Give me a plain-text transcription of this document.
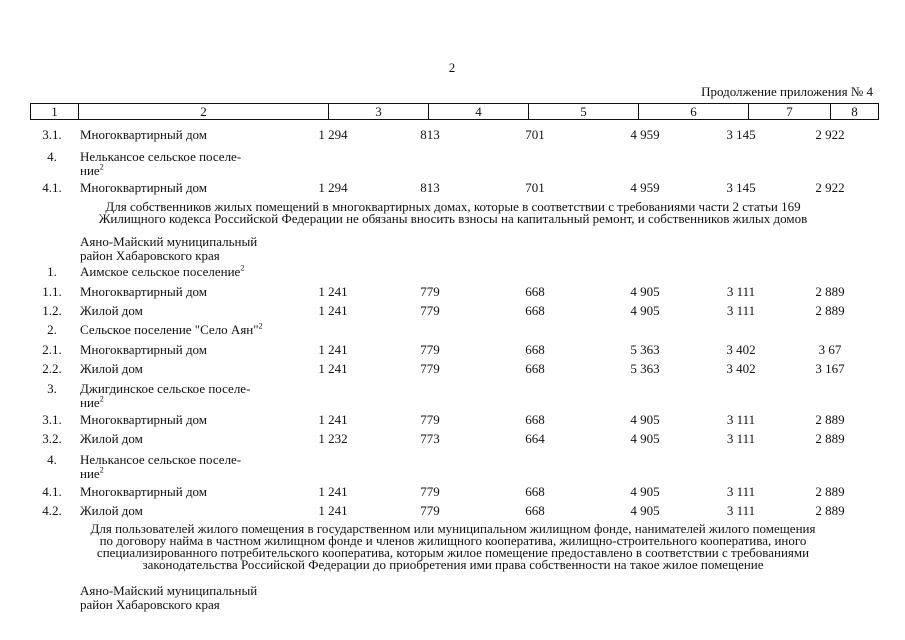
2
Продолжение приложения № 4
1	2	3	4	5	6	7	8
3.1.	Многоквартирный дом	1 294	813	701	4 959	3 145	2 922
4.	Нелькансое сельское поселе-
ние$^2$
4.1.	Многоквартирный дом	1 294	813	701	4 959	3 145	2 922
Аяно-Майский муниципальный
район Хабаровского края
1.	Аимское сельское поселение$^2$
1.1.	Многоквартирный дом	1 241	779	668	4 905	3 111	2 889
1.2.	Жилой дом	1 241	779	668	4 905	3 111	2 889
2.	Сельское поселение "Село Аян"$^2$
2.1.	Многоквартирный дом	1 241	779	668	5 363	3 402	3 67
2.2.	Жилой дом	1 241	779	668	5 363	3 402	3 167
3.	Джигдинское сельское поселе-
ние$^2$
3.1.	Многоквартирный дом	1 241	779	668	4 905	3 111	2 889
3.2.	Жилой дом	1 232	773	664	4 905	3 111	2 889
4.	Нелькансое сельское поселе-
ние$^2$
4.1.	Многоквартирный дом	1 241	779	668	4 905	3 111	2 889
4.2.	Жилой дом	1 241	779	668	4 905	3 111	2 889
Аяно-Майский муниципальный
район Хабаровского края
Для собственников жилых помещений в многоквартирных домах, которые в соответствии с требованиями части 2 статьи 169
Жилищного кодекса Российской Федерации не обязаны вносить взносы на капитальный ремонт, и собственников жилых домов
Для пользователей жилого помещения в государственном или муниципальном жилищном фонде, нанимателей жилого помещения
по договору найма в частном жилищном фонде и членов жилищного кооператива, жилищно-строительного кооператива, иного
специализированного потребительского кооператива, которым жилое помещение предоставлено в соответствии с требованиями
законодательства Российской Федерации до приобретения ими права собственности на такое жилое помещение
